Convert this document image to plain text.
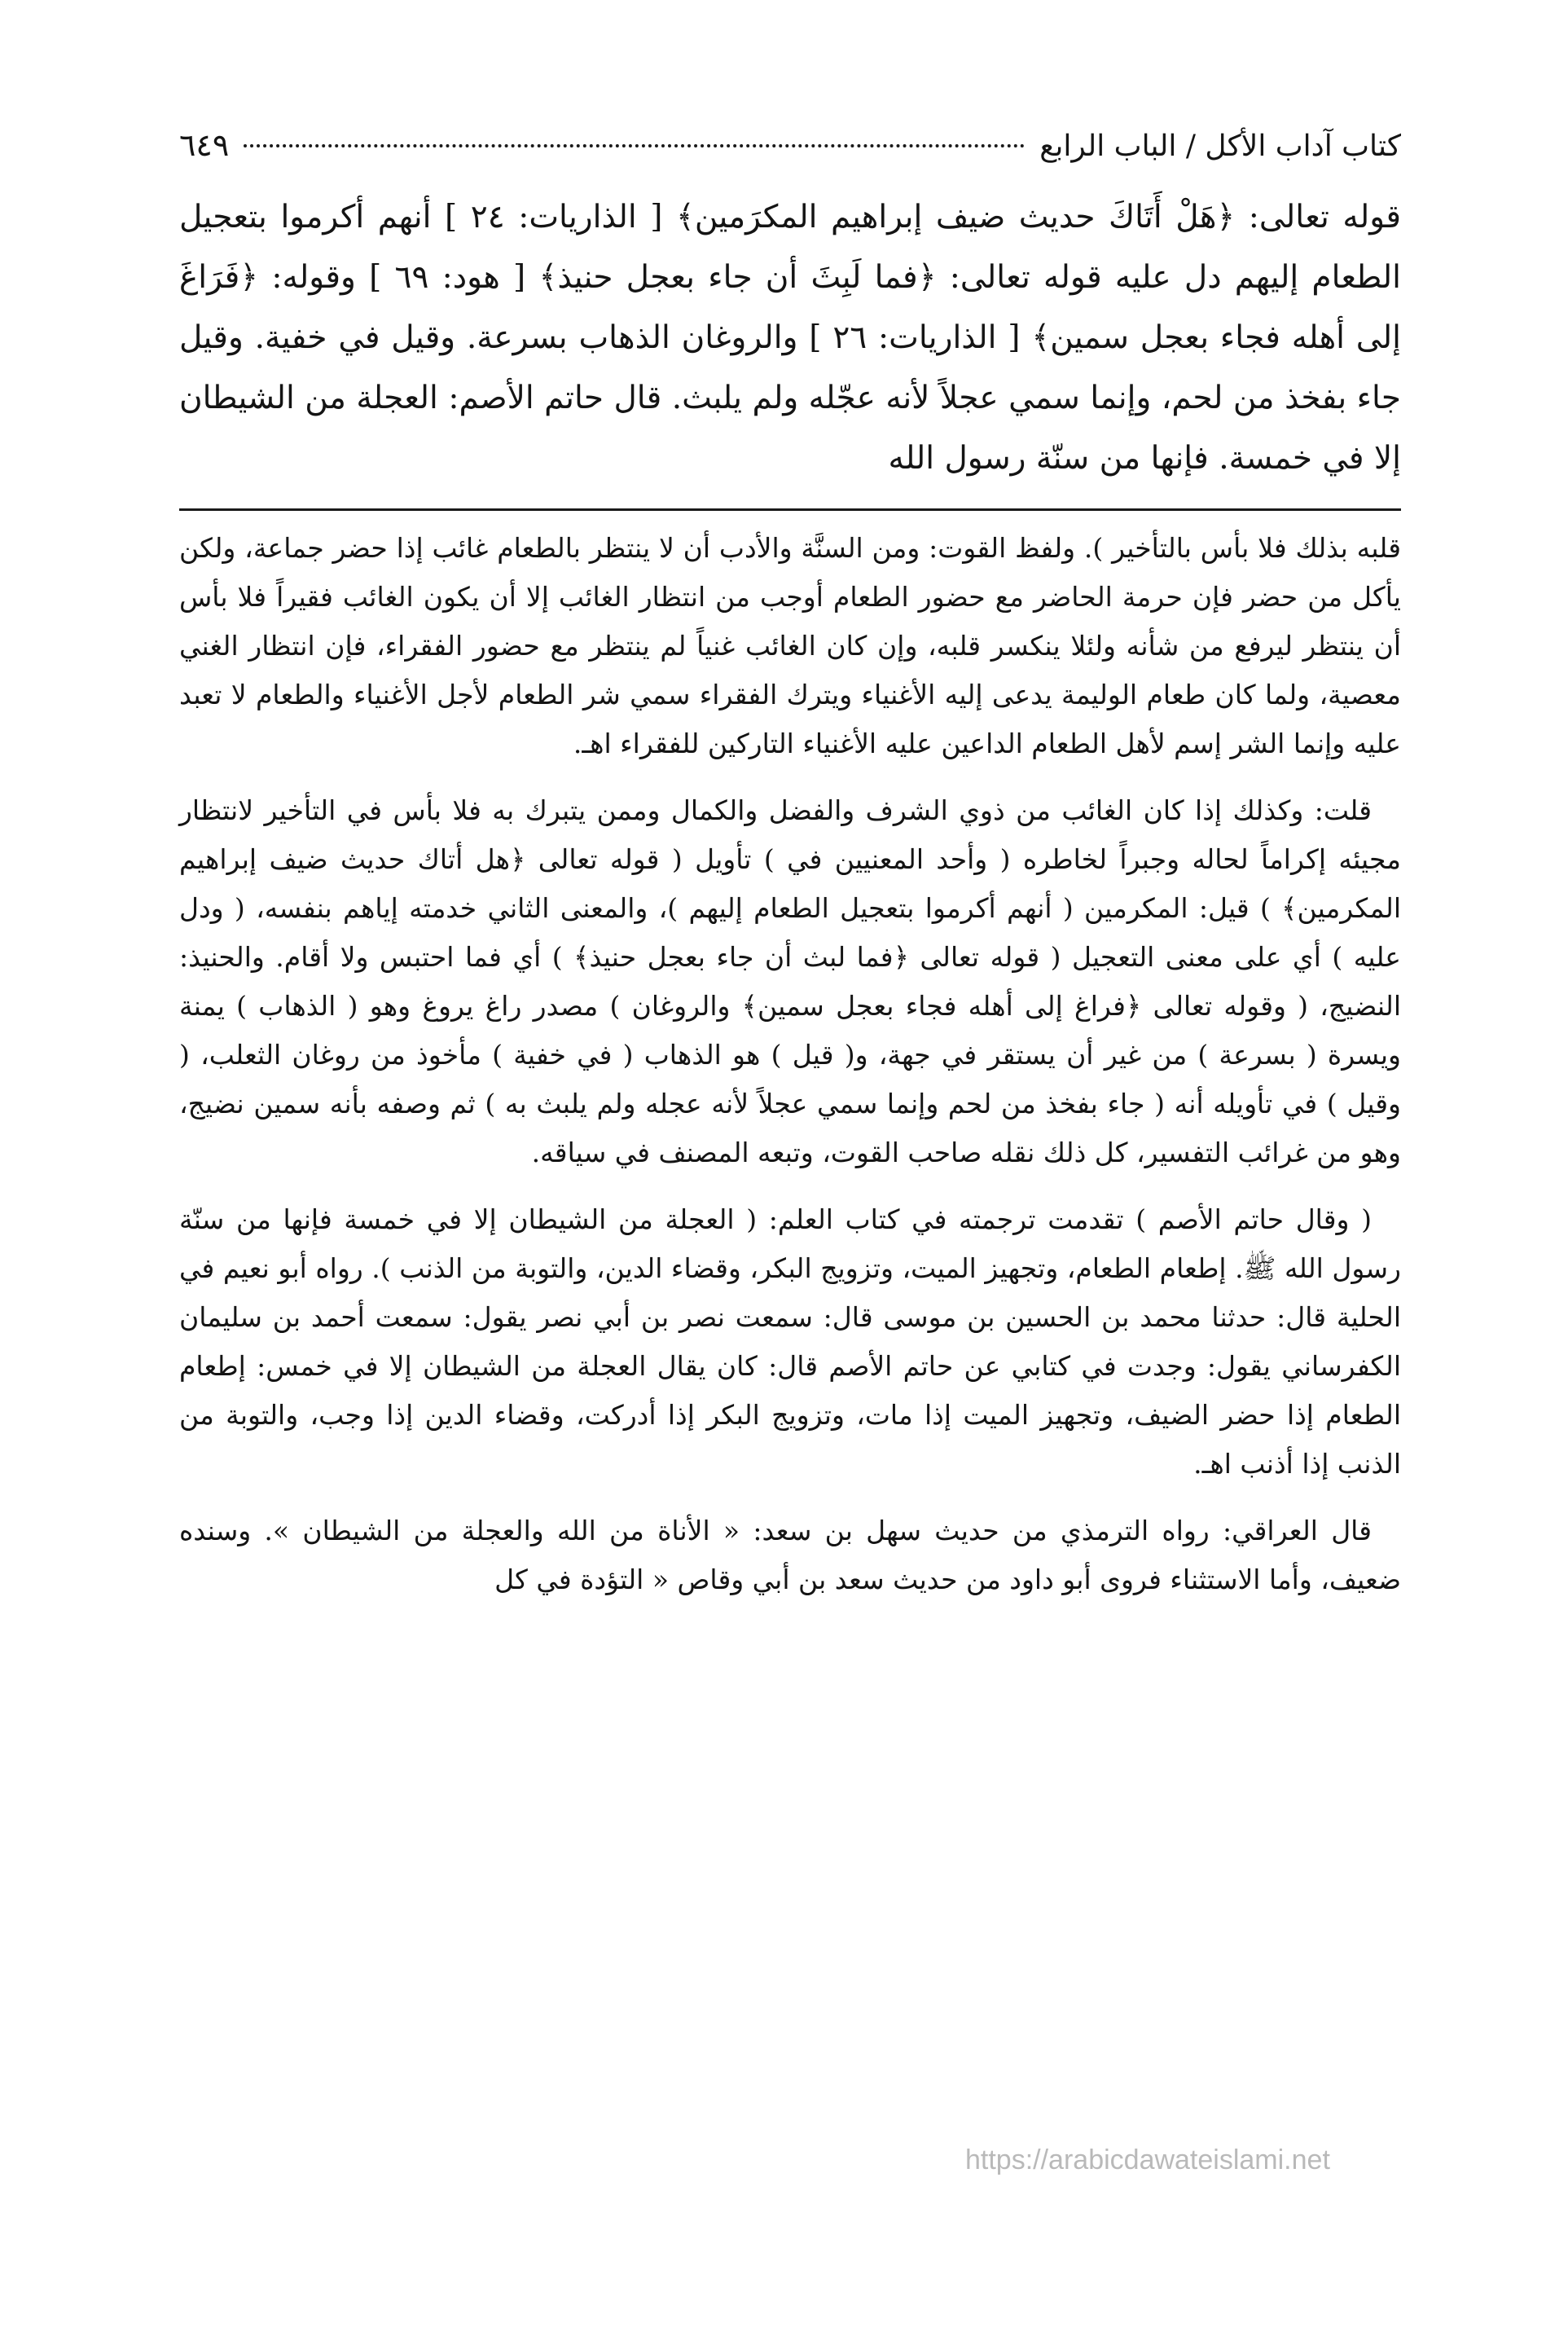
كتاب آداب الأكل / الباب الرابع
٦٤٩

قوله تعالى: ﴿هَلْ أَتَاكَ حديث ضيف إبراهيم المكرَمين﴾ [ الذاريات: ٢٤ ] أنهم أكرموا بتعجيل الطعام إليهم دل عليه قوله تعالى: ﴿فما لَبِثَ أن جاء بعجل حنيذ﴾ [ هود: ٦٩ ] وقوله: ﴿فَرَاغَ إلى أهله فجاء بعجل سمين﴾ [ الذاريات: ٢٦ ] والروغان الذهاب بسرعة. وقيل في خفية. وقيل جاء بفخذ من لحم، وإنما سمي عجلاً لأنه عجّله ولم يلبث. قال حاتم الأصم: العجلة من الشيطان إلا في خمسة. فإنها من سنّة رسول الله

قلبه بذلك فلا بأس بالتأخير ). ولفظ القوت: ومن السنَّة والأدب أن لا ينتظر بالطعام غائب إذا حضر جماعة، ولكن يأكل من حضر فإن حرمة الحاضر مع حضور الطعام أوجب من انتظار الغائب إلا أن يكون الغائب فقيراً فلا بأس أن ينتظر ليرفع من شأنه ولئلا ينكسر قلبه، وإن كان الغائب غنياً لم ينتظر مع حضور الفقراء، فإن انتظار الغني معصية، ولما كان طعام الوليمة يدعى إليه الأغنياء ويترك الفقراء سمي شر الطعام لأجل الأغنياء والطعام لا تعبد عليه وإنما الشر إسم لأهل الطعام الداعين عليه الأغنياء التاركين للفقراء اهـ.

قلت: وكذلك إذا كان الغائب من ذوي الشرف والفضل والكمال وممن يتبرك به فلا بأس في التأخير لانتظار مجيئه إكراماً لحاله وجبراً لخاطره ( وأحد المعنيين في ) تأويل ( قوله تعالى ﴿هل أتاك حديث ضيف إبراهيم المكرمين﴾ ) قيل: المكرمين ( أنهم أكرموا بتعجيل الطعام إليهم )، والمعنى الثاني خدمته إياهم بنفسه، ( ودل عليه ) أي على معنى التعجيل ( قوله تعالى ﴿فما لبث أن جاء بعجل حنيذ﴾ ) أي فما احتبس ولا أقام. والحنيذ: النضيج، ( وقوله تعالى ﴿فراغ إلى أهله فجاء بعجل سمين﴾ والروغان ) مصدر راغ يروغ وهو ( الذهاب ) يمنة ويسرة ( بسرعة ) من غير أن يستقر في جهة، و( قيل ) هو الذهاب ( في خفية ) مأخوذ من روغان الثعلب، ( وقيل ) في تأويله أنه ( جاء بفخذ من لحم وإنما سمي عجلاً لأنه عجله ولم يلبث به ) ثم وصفه بأنه سمين نضيج، وهو من غرائب التفسير، كل ذلك نقله صاحب القوت، وتبعه المصنف في سياقه.

( وقال حاتم الأصم ) تقدمت ترجمته في كتاب العلم: ( العجلة من الشيطان إلا في خمسة فإنها من سنّة رسول الله ﷺ. إطعام الطعام، وتجهيز الميت، وتزويج البكر، وقضاء الدين، والتوبة من الذنب ). رواه أبو نعيم في الحلية قال: حدثنا محمد بن الحسين بن موسى قال: سمعت نصر بن أبي نصر يقول: سمعت أحمد بن سليمان الكفرساني يقول: وجدت في كتابي عن حاتم الأصم قال: كان يقال العجلة من الشيطان إلا في خمس: إطعام الطعام إذا حضر الضيف، وتجهيز الميت إذا مات، وتزويج البكر إذا أدركت، وقضاء الدين إذا وجب، والتوبة من الذنب إذا أذنب اهـ.

قال العراقي: رواه الترمذي من حديث سهل بن سعد: « الأناة من الله والعجلة من الشيطان ». وسنده ضعيف، وأما الاستثناء فروى أبو داود من حديث سعد بن أبي وقاص « التؤدة في كل

https://arabicdawateislami.net
